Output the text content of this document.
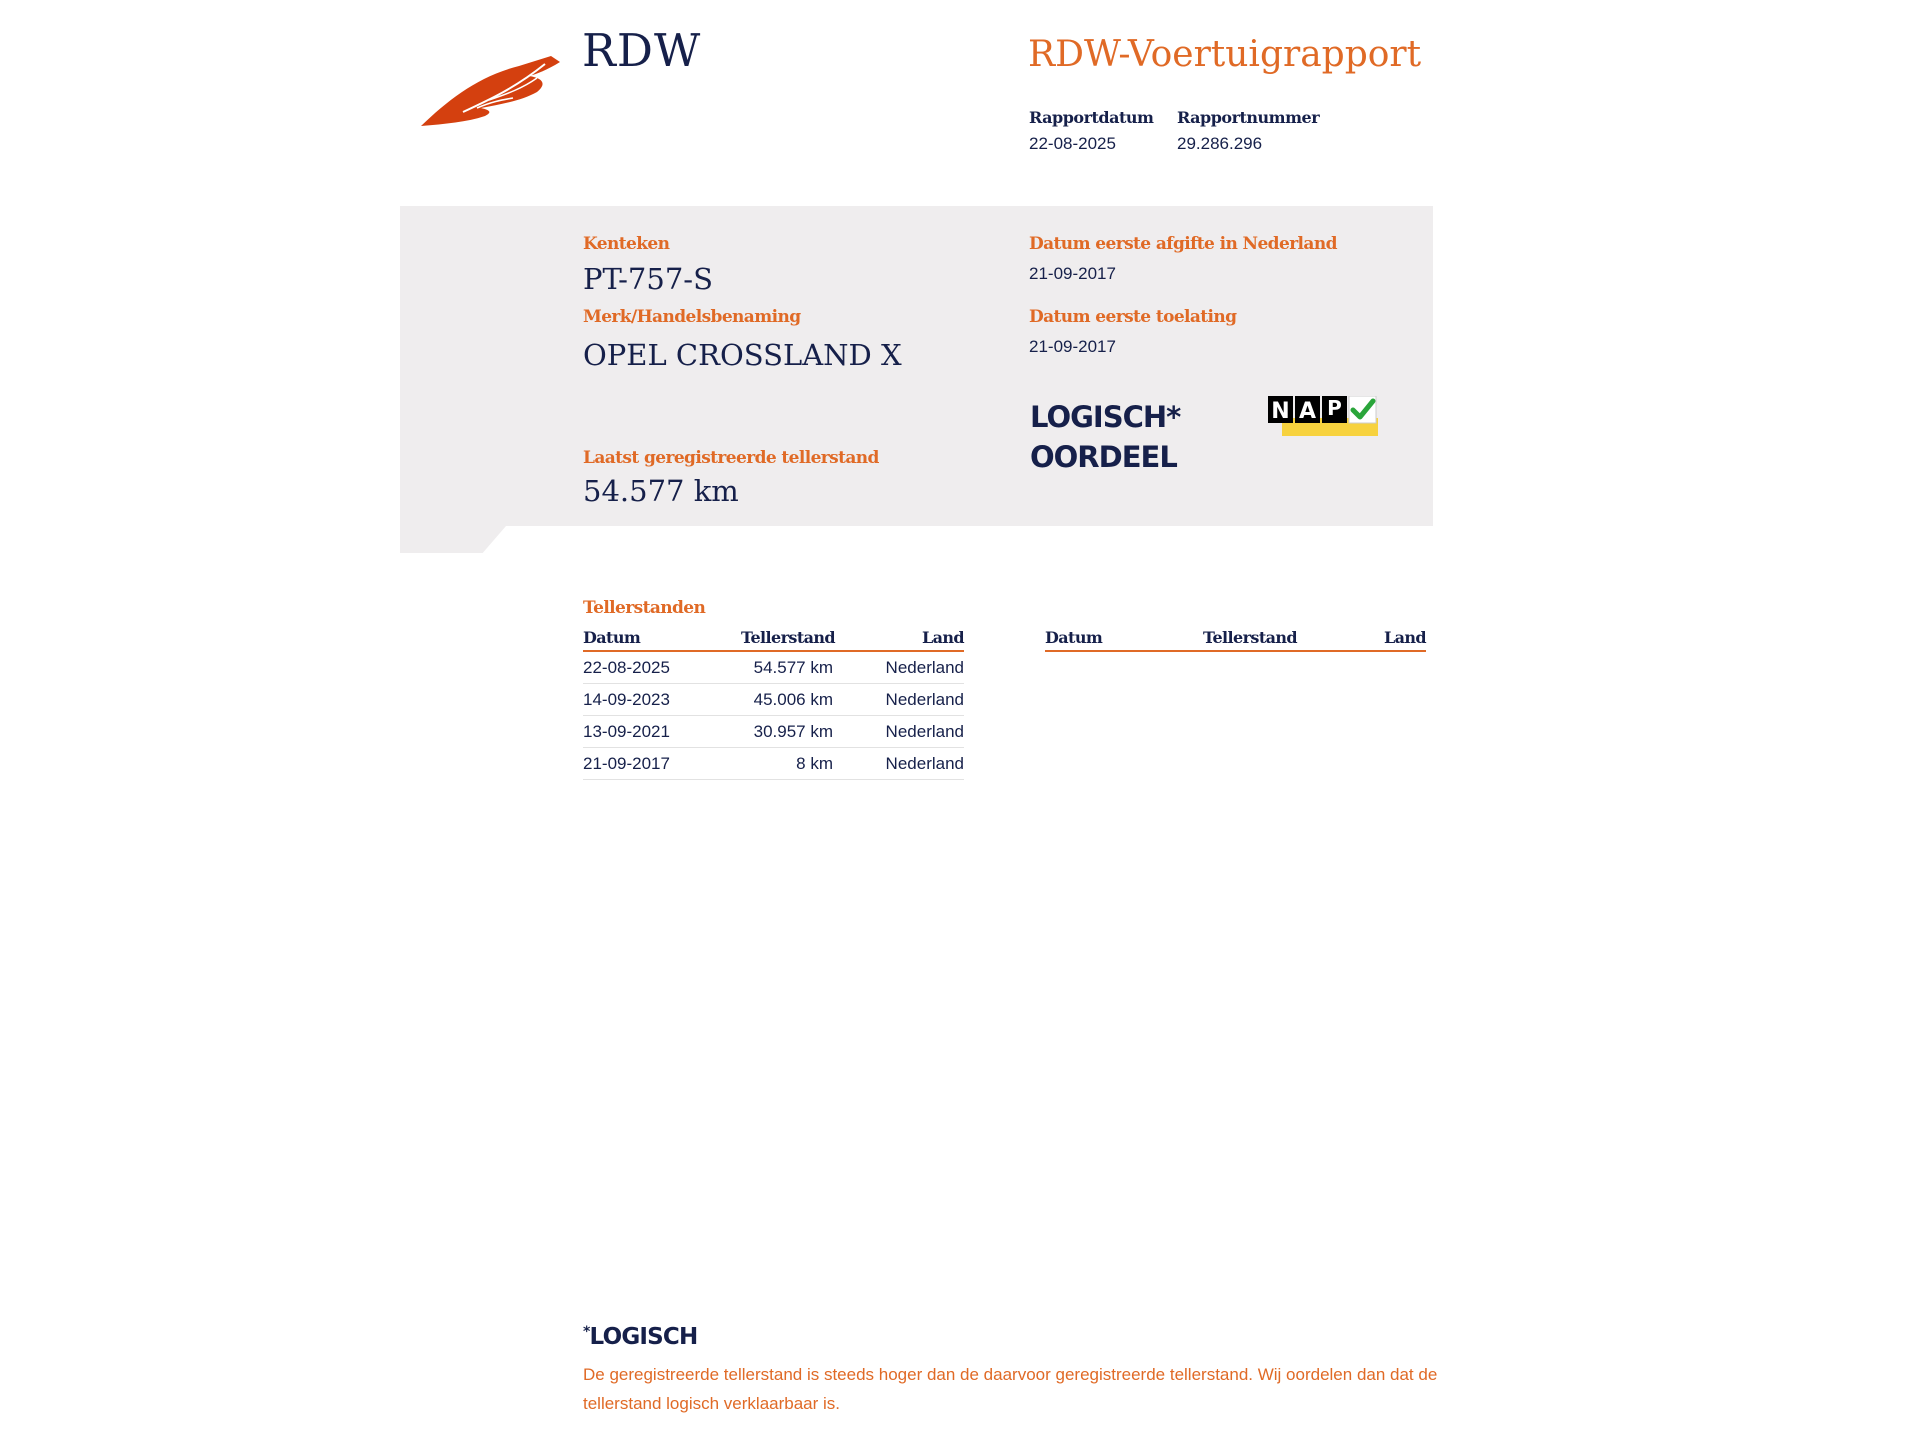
RDW	RDW-Voertuigrapport
Rapportdatum
22-08-2025
Rapportnummer
29.286.296
Kenteken
PT-757-S
Merk/Handelsbenaming
OPEL CROSSLAND X
Laatst geregistreerde tellerstand
54.577 km
Datum eerste afgifte in Nederland
21-09-2017
Datum eerste toelating
21-09-2017
LOGISCH*
OORDEEL
N A P
Tellerstanden
Datum	Tellerstand	Land
22-08-2025	54.577 km	Nederland
14-09-2023	45.006 km	Nederland
13-09-2021	30.957 km	Nederland
21-09-2017	8 km	Nederland
Datum	Tellerstand	Land
*LOGISCH
De geregistreerde tellerstand is steeds hoger dan de daarvoor geregistreerde tellerstand. Wij oordelen dan dat de tellerstand logisch verklaarbaar is.
